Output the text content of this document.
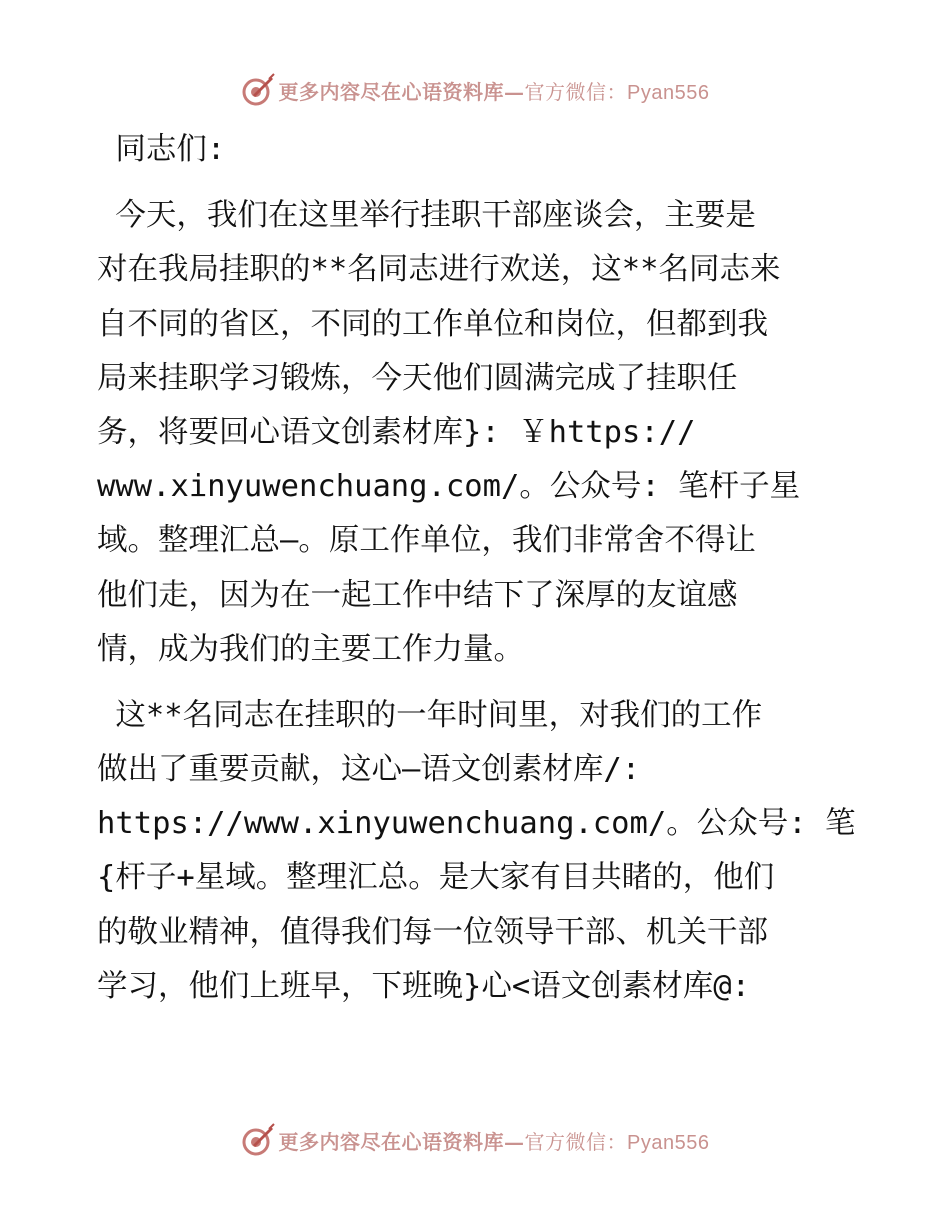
更多内容尽在心语资料库—官方微信：Pyan556

同志们:

今天，我们在这里举行挂职干部座谈会，主要是
对在我局挂职的**名同志进行欢送，这**名同志来
自不同的省区，不同的工作单位和岗位，但都到我
局来挂职学习锻炼，今天他们圆满完成了挂职任
务，将要回心语文创素材库}: ￥https://
www.xinyuwenchuang.com/。公众号: 笔杆子星
域。整理汇总—。原工作单位，我们非常舍不得让
他们走，因为在一起工作中结下了深厚的友谊感
情，成为我们的主要工作力量。

这**名同志在挂职的一年时间里，对我们的工作
做出了重要贡献，这心—语文创素材库/:
https://www.xinyuwenchuang.com/。公众号: 笔
{杆子+星域。整理汇总。是大家有目共睹的，他们
的敬业精神，值得我们每一位领导干部、机关干部
学习，他们上班早，下班晚}心<语文创素材库@:

更多内容尽在心语资料库—官方微信：Pyan556
